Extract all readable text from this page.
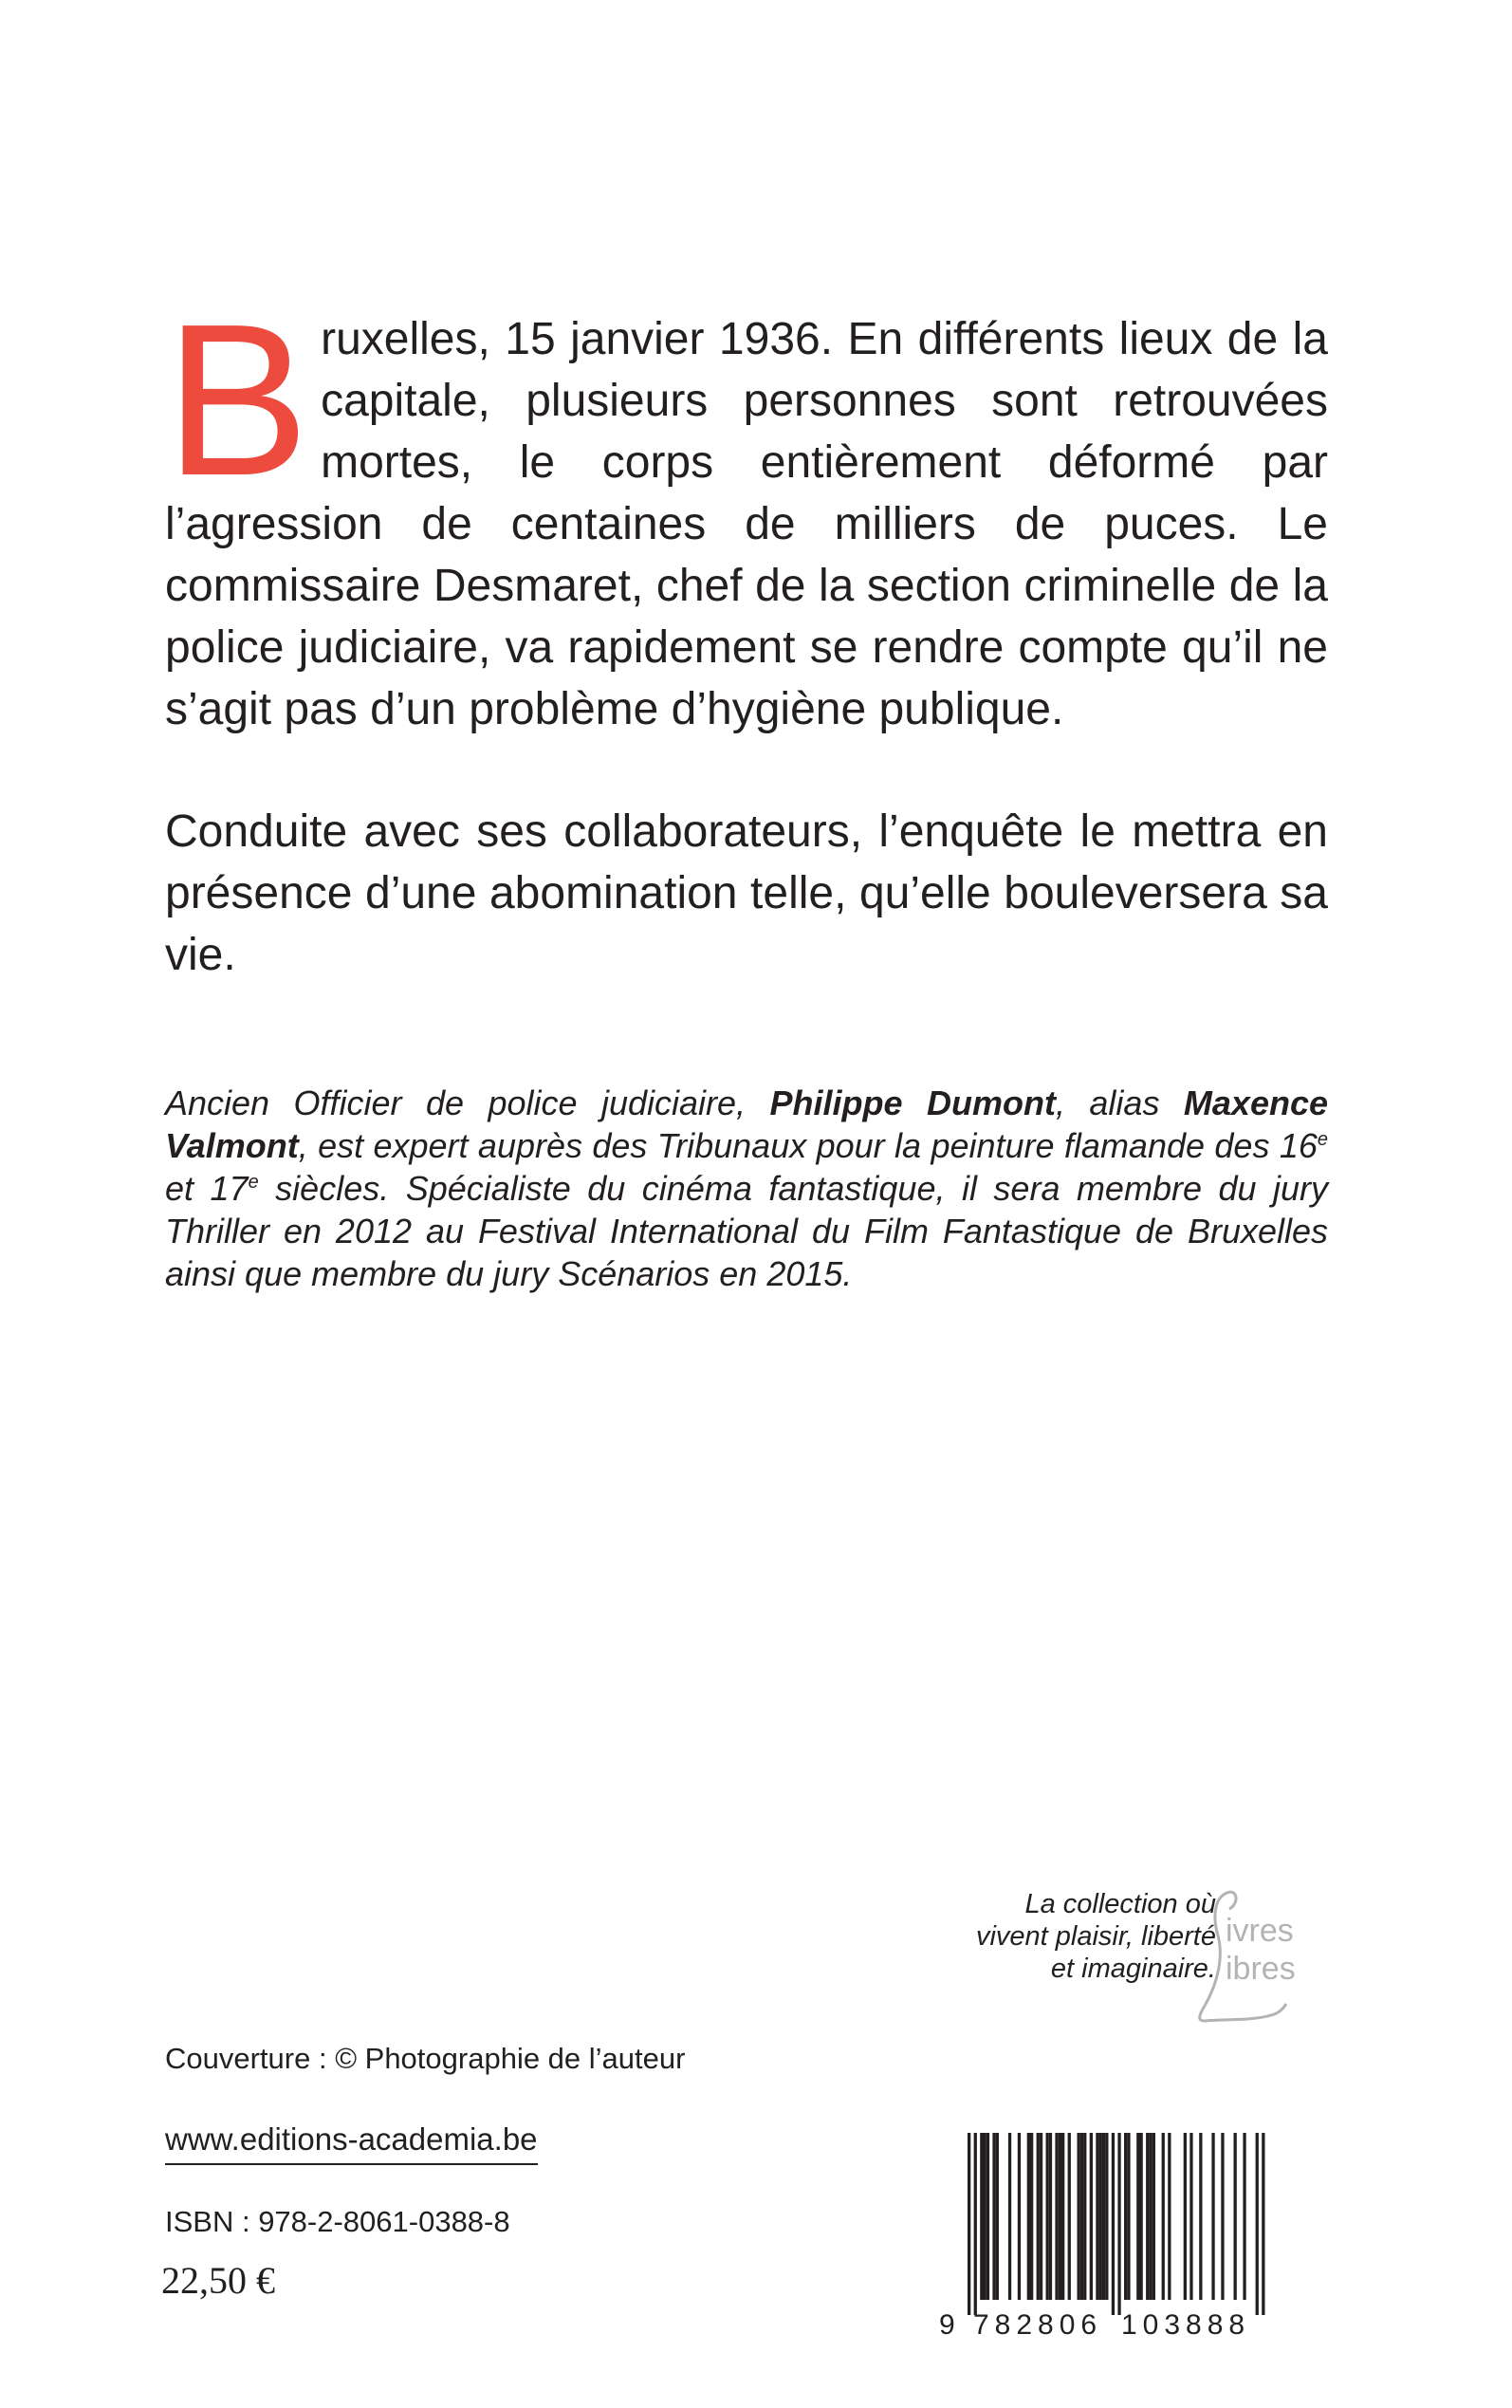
Bruxelles, 15 janvier 1936. En différents lieux de la capitale, plusieurs personnes sont retrouvées mortes, le corps entièrement déformé par l’agression de centaines de milliers de puces. Le commissaire Desmaret, chef de la section criminelle de la police judiciaire, va rapidement se rendre compte qu’il ne s’agit pas d’un problème d’hygiène publique.

Conduite avec ses collaborateurs, l’enquête le mettra en présence d’une abomination telle, qu’elle bouleversera sa vie.

Ancien Officier de police judiciaire, Philippe Dumont, alias Maxence Valmont, est expert auprès des Tribunaux pour la peinture flamande des 16e et 17e siècles. Spécialiste du cinéma fantastique, il sera membre du jury Thriller en 2012 au Festival International du Film Fantastique de Bruxelles ainsi que membre du jury Scénarios en 2015.

La collection où
vivent plaisir, liberté
et imaginaire.
ivres
ibres
Couverture : © Photographie de l’auteur
www.editions-academia.be
ISBN : 978-2-8061-0388-8
22,50 €
9 782806 103888
